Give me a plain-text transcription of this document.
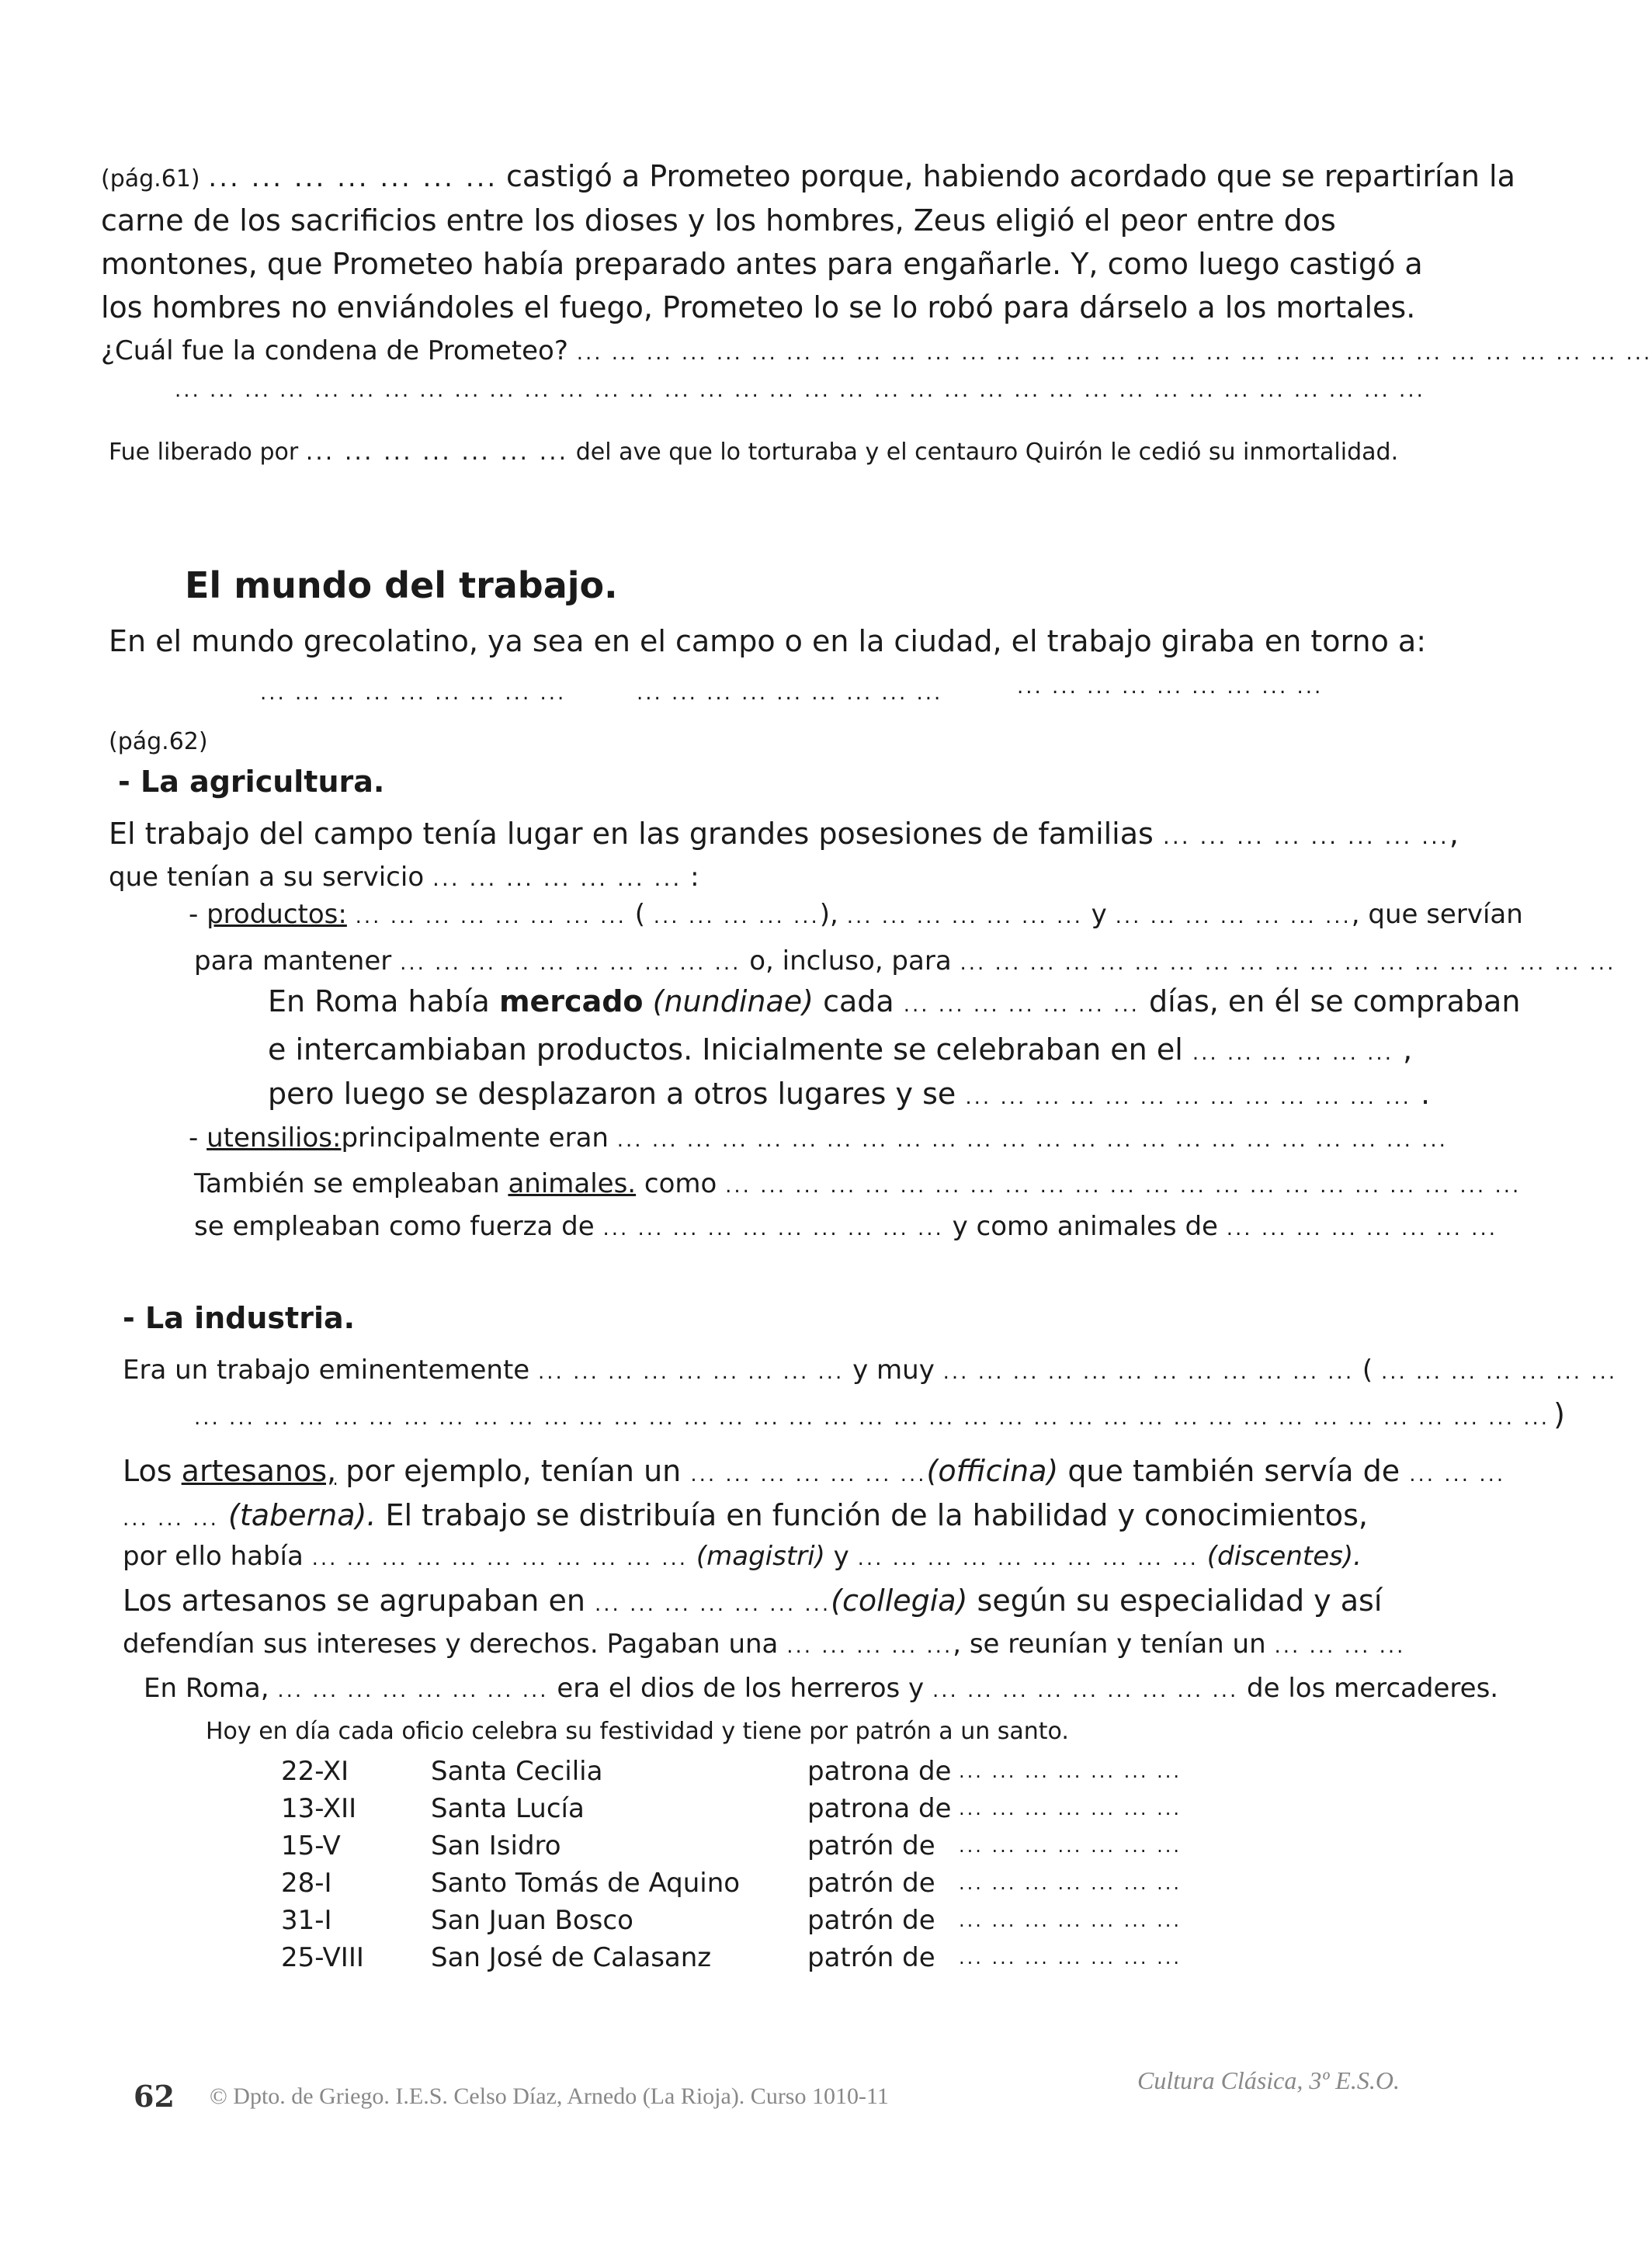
(pág.61) ... ... ... ... ... ... ... castigó a Prometeo porque, habiendo acordado que se repartirían la
carne de los sacrificios entre los dioses y los hombres, Zeus eligió el peor entre dos
montones, que Prometeo había preparado antes para engañarle. Y, como luego castigó a
los hombres no enviándoles el fuego, Prometeo lo se lo robó para dárselo a los mortales.
¿Cuál fue la condena de Prometeo? ... ... ... ... ... ... ... ... ... ... ... ... ... ... ... ... ... ... ... ... ... ... ... ... ... ... ... ... ... ... ...
... ... ... ... ... ... ... ... ... ... ... ... ... ... ... ... ... ... ... ... ... ... ... ... ... ... ... ... ... ... ... ... ... ... ... ...
Fue liberado por ... ... ... ... ... ... ... del ave que lo torturaba y el centauro Quirón le cedió su inmortalidad.
El mundo del trabajo.
En el mundo grecolatino, ya sea en el campo o en la ciudad, el trabajo giraba en torno a:
... ... ... ... ... ... ... ... ...	... ... ... ... ... ... ... ... ...	... ... ... ... ... ... ... ... ...
(pág.62)
- La agricultura.
El trabajo del campo tenía lugar en las grandes posesiones de familias ... ... ... ... ... ... ... ...,
que tenían a su servicio ... ... ... ... ... ... ... :
- productos: ... ... ... ... ... ... ... ... ( ... ... ... ... ...), ... ... ... ... ... ... ... y ... ... ... ... ... ... ..., que servían
para mantener ... ... ... ... ... ... ... ... ... ... o, incluso, para ... ... ... ... ... ... ... ... ... ... ... ... ... ... ... ... ... ... ...
En Roma había mercado (nundinae) cada ... ... ... ... ... ... ... días, en él se compraban
e intercambiaban productos. Inicialmente se celebraban en el ... ... ... ... ... ... ,
pero luego se desplazaron a otros lugares y se ... ... ... ... ... ... ... ... ... ... ... ... ... .
- utensilios:principalmente eran ... ... ... ... ... ... ... ... ... ... ... ... ... ... ... ... ... ... ... ... ... ... ... ...
También se empleaban animales. como ... ... ... ... ... ... ... ... ... ... ... ... ... ... ... ... ... ... ... ... ... ... ...
se empleaban como fuerza de ... ... ... ... ... ... ... ... ... ... y como animales de ... ... ... ... ... ... ... ...
- La industria.
Era un trabajo eminentemente ... ... ... ... ... ... ... ... ... y muy ... ... ... ... ... ... ... ... ... ... ... ... ( ... ... ... ... ... ... ...
... ... ... ... ... ... ... ... ... ... ... ... ... ... ... ... ... ... ... ... ... ... ... ... ... ... ... ... ... ... ... ... ... ... ... ... ... ... ... )
Los artesanos, por ejemplo, tenían un ... ... ... ... ... ... ...(officina) que también servía de ... ... ...
... ... ... (taberna). El trabajo se distribuía en función de la habilidad y conocimientos,
por ello había ... ... ... ... ... ... ... ... ... ... ... (magistri) y ... ... ... ... ... ... ... ... ... ... (discentes).
Los artesanos se agrupaban en ... ... ... ... ... ... ...(collegia) según su especialidad y así
defendían sus intereses y derechos. Pagaban una ... ... ... ... ..., se reunían y tenían un ... ... ... ...
En Roma, ... ... ... ... ... ... ... ... era el dios de los herreros y ... ... ... ... ... ... ... ... ... de los mercaderes.
Hoy en día cada oficio celebra su festividad y tiene por patrón a un santo.
22-XI	Santa Cecilia	patrona de ... ... ... ... ... ... ...
13-XII	Santa Lucía	patrona de ... ... ... ... ... ... ...
15-V	San Isidro	patrón de ... ... ... ... ... ... ...
28-I	Santo Tomás de Aquino	patrón de ... ... ... ... ... ... ...
31-I	San Juan Bosco	patrón de ... ... ... ... ... ... ...
25-VIII	San José de Calasanz	patrón de ... ... ... ... ... ... ...
62 © Dpto. de Griego. I.E.S. Celso Díaz, Arnedo (La Rioja). Curso 1010-11
Cultura Clásica, 3º E.S.O.
